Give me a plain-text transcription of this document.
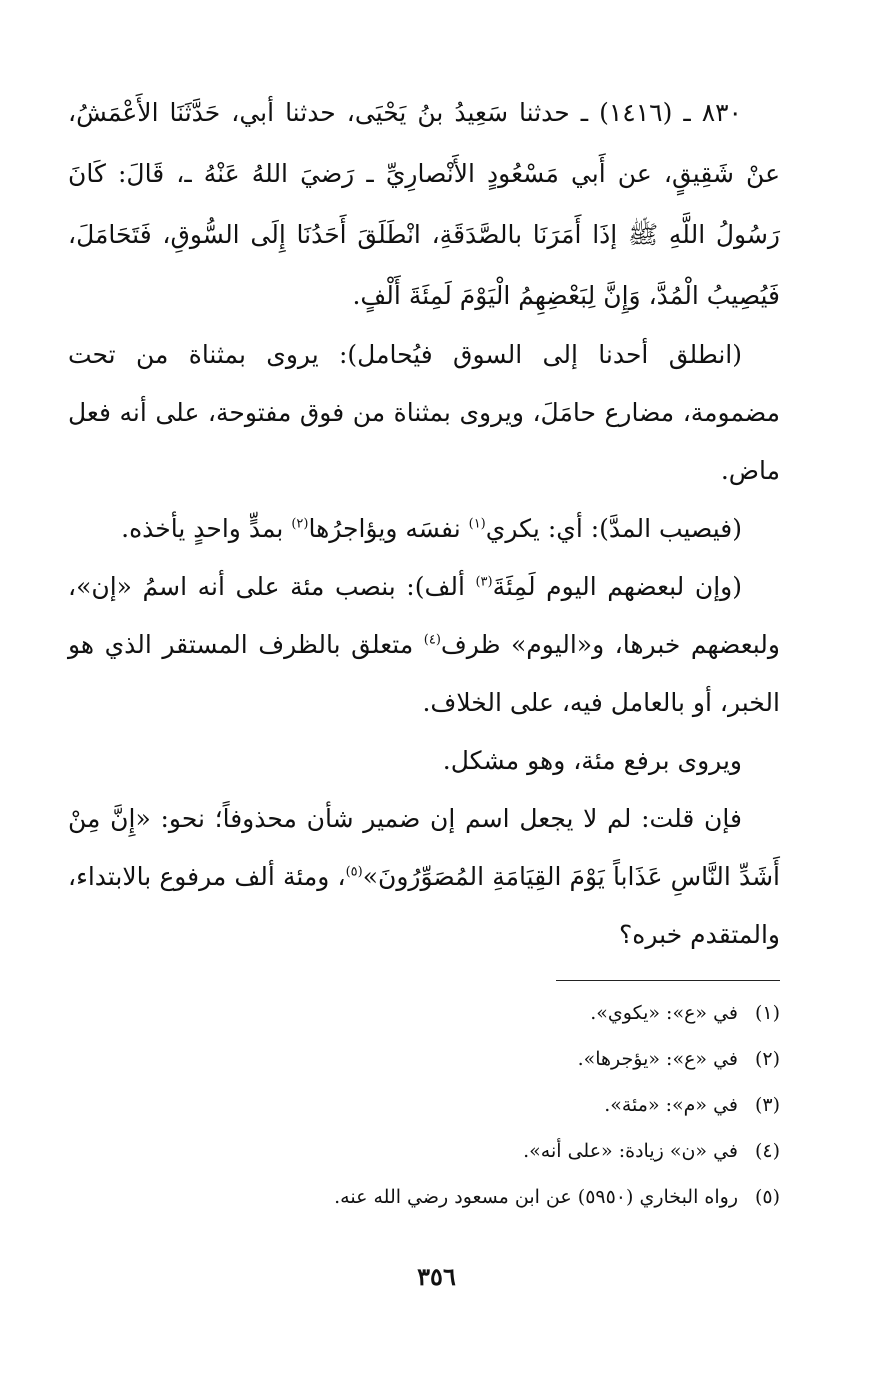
٨٣٠ ـ (١٤١٦) ـ حدثنا سَعِيدُ بنُ يَحْيَى، حدثنا أبي، حَدَّثَنَا الأَعْمَشُ، عنْ شَقِيقٍ، عن أَبي مَسْعُودٍ الأَنْصارِيِّ ـ رَضيَ اللهُ عَنْهُ ـ، قَالَ: كَانَ رَسُولُ اللَّهِ ﷺ إذَا أَمَرَنَا بالصَّدَقَةِ، انْطَلَقَ أَحَدُنَا إِلَى السُّوقِ، فَتَحَامَلَ، فَيُصِيبُ الْمُدَّ، وَإِنَّ لِبَعْضِهِمُ الْيَوْمَ لَمِئَةَ أَلْفٍ.

(انطلق أحدنا إلى السوق فيُحامل): يروى بمثناة من تحت مضمومة، مضارع حامَلَ، ويروى بمثناة من فوق مفتوحة، على أنه فعل ماض.

(فيصيب المدَّ): أي: يكري$^{(١)}$ نفسَه ويؤاجرُها$^{(٢)}$ بمدٍّ واحدٍ يأخذه.

(وإن لبعضهم اليوم لَمِئَةَ$^{(٣)}$ ألف): بنصب مئة على أنه اسمُ «إن»، ولبعضهم خبرها، و«اليوم» ظرف$^{(٤)}$ متعلق بالظرف المستقر الذي هو الخبر، أو بالعامل فيه، على الخلاف.

ويروى برفع مئة، وهو مشكل.

فإن قلت: لم لا يجعل اسم إن ضمير شأن محذوفاً؛ نحو: «إِنَّ مِنْ أَشَدِّ النَّاسِ عَذَاباً يَوْمَ القِيَامَةِ المُصَوِّرُونَ»$^{(٥)}$، ومئة ألف مرفوع بالابتداء، والمتقدم خبره؟

(١)في «ع»: «يكوي».

(٢)في «ع»: «يؤجرها».

(٣)في «م»: «مئة».

(٤)في «ن» زيادة: «على أنه».

(٥)رواه البخاري (٥٩٥٠) عن ابن مسعود رضي الله عنه.

٣٥٦
